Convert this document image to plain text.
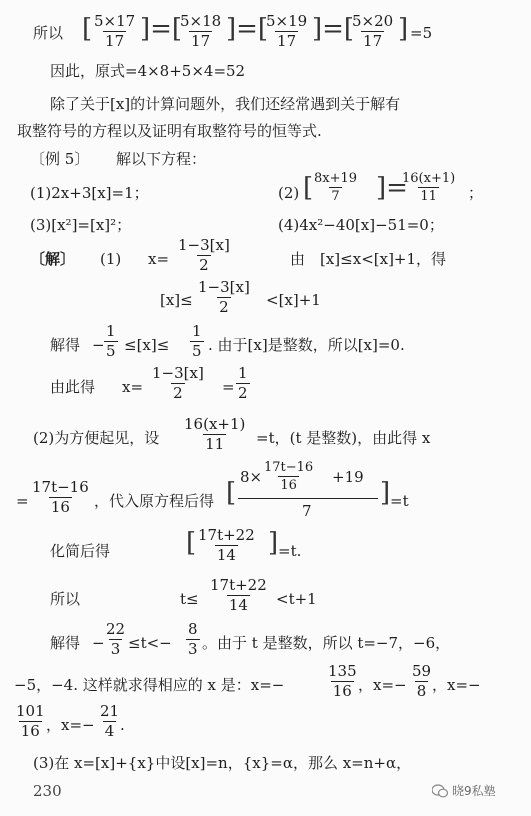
所以 [ $\frac{5\times 17}{17}$ ]=[
$\frac{5\times 18}{17}$ ]=[
$\frac{5\times 19}{17}$ ]=[
$\frac{5\times 20}{17}$ ] =5
因此，原式=4×8+5×4=52
除了关于[x]的计算问题外，我们还经常遇到关于解有
取整符号的方程以及证明有取整符号的恒等式.
〔例 5〕 解以下方程：
(1)2x+3[x]=1；	(2) [
$\frac{8x+19}{7}$ ]=
$\frac{16(x+1)}{11}$ ；
(3)[x²]=[x]²；	(4)4x²−40[x]−51=0；
〔解〕 (1) $x= \frac{1-3[x]}{2}$	由 [x]≤x<[x]+1，得
$[x]\le \frac{1-3[x]}{2} <[x]+1$
解得 − $\frac{1}{5} \le[x]\le \frac{1}{5}$ . 由于[x]是整数，所以[x]=0.
由此得 $x= \frac{1-3[x]}{2} = \frac{1}{2}$
(2)为方便起见，设 $\frac{16(x+1)}{11} =t$，(t 是整数)，由此得 x
= $\frac{17t-16}{16}$ ，代入原方程后得 [
$8\times \frac{17t-16}{16} +19$
7
] =t
化简后得	[ $\frac{17t+22}{14}$ ] =t.
所以	$t\le \frac{17t+22}{14} <t+1$
解得 − $\frac{22}{3} \le t<- \frac{8}{3}$ 。由于 t 是整数，所以 t=−7，−6，
−5，−4. 这样就求得相应的 x 是：x=−	$\frac{135}{16}$ ，$x=- \frac{59}{8}$
，x=−
$\frac{101}{16}$ ，$x=- \frac{21}{4}$
.
(3)在 x=[x]+{x}中设[x]=n，{x}=α，那么 x=n+α，
230	晓9私塾
